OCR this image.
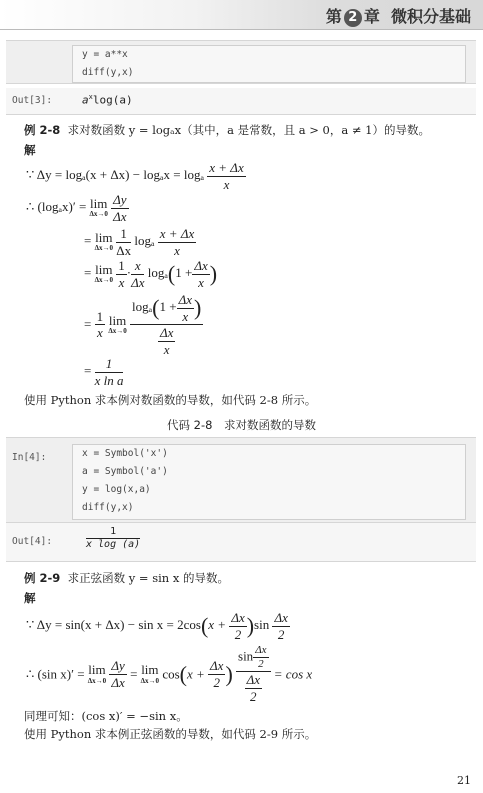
第 2 章 微积分基础
y = a**x
diff(y,x)
Out[3]:	$a^x\log(a)$
例 2-8 求对数函数 y = logₐx（其中，a 是常数，且 a > 0，a ≠ 1）的导数。
解
∵ Δy = logₐ(x + Δx) − logₐx = logₐ $\frac{x + \Delta x}{x}$
∴ (logₐx)′ = lim
Δx→0
$\frac{\Delta y}{\Delta x}$
= lim
Δx→0
$\frac{1}{\Delta x}$ logₐ $\frac{x + \Delta x}{x}$
= lim
Δx→0
$\frac{1}{x} \cdot \frac{x}{\Delta x} \log_a(1 + \frac{\Delta x}{x}$ )
= $\frac{1}{x}$
lim
Δx→0

$\log_a(1 + \frac{\Delta x}{x}$ )
$\frac{\Delta x}{x}$
= $\frac{1}{\text{x ln a}}$
使用 Python 求本例对数函数的导数，如代码 2-8 所示。
代码 2-8　求对数函数的导数
In[4]:	x = Symbol('x')
a = Symbol('a')
y = log(x,a)
diff(y,x)
Out[4]:	$\frac{1}{\text{x log (a)}}$
例 2-9 求正弦函数 y = sin x 的导数。
解
∵ $\Delta y = \sin(x + \Delta x) - \sin x = 2\cos(x + \frac{\Delta x}{2} )\sin \frac{\Delta x}{2}$
∴ (sin x)′ = lim
Δx→0
$\frac{\Delta y}{\Delta x} = \lim$
Δx→0 $\cos(x + \frac{\Delta x}{2}$ ) $\frac{\sin \frac{\Delta x}{2}}{\frac{\Delta x}{2}} = \cos x$
同理可知：(cos x)′ = −sin x。
使用 Python 求本例正弦函数的导数，如代码 2-9 所示。
21
